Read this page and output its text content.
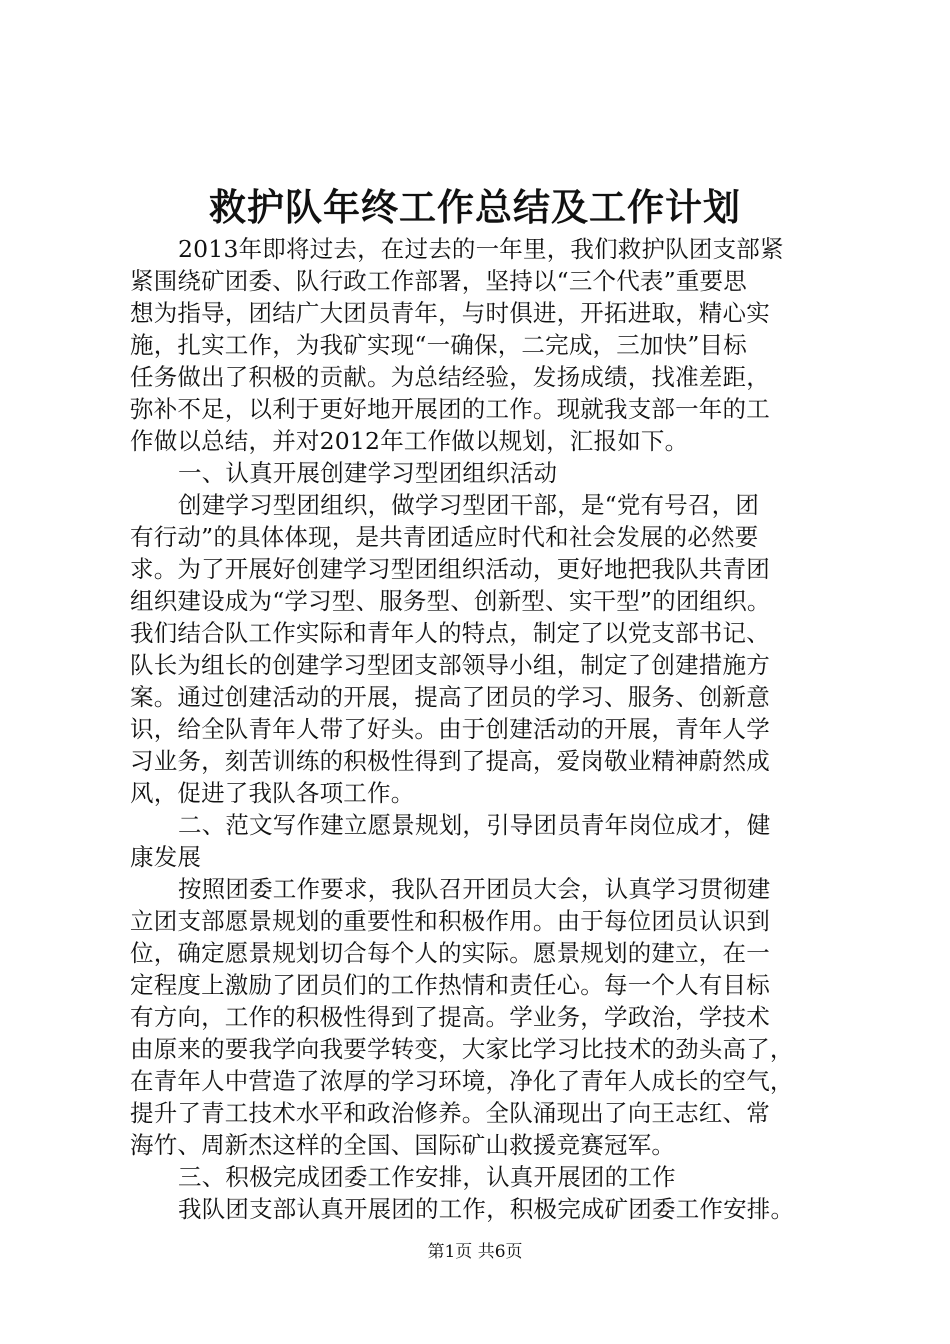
救护队年终工作总结及工作计划
2013年即将过去，在过去的一年里，我们救护队团支部紧
紧围绕矿团委、队行政工作部署，坚持以“三个代表”重要思
想为指导，团结广大团员青年，与时俱进，开拓进取，精心实
施，扎实工作，为我矿实现“一确保，二完成，三加快”目标
任务做出了积极的贡献。为总结经验，发扬成绩，找准差距，
弥补不足，以利于更好地开展团的工作。现就我支部一年的工
作做以总结，并对2012年工作做以规划，汇报如下。
一、认真开展创建学习型团组织活动
创建学习型团组织，做学习型团干部，是“党有号召，团
有行动”的具体体现，是共青团适应时代和社会发展的必然要
求。为了开展好创建学习型团组织活动，更好地把我队共青团
组织建设成为“学习型、服务型、创新型、实干型”的团组织。
我们结合队工作实际和青年人的特点，制定了以党支部书记、
队长为组长的创建学习型团支部领导小组，制定了创建措施方
案。通过创建活动的开展，提高了团员的学习、服务、创新意
识，给全队青年人带了好头。由于创建活动的开展，青年人学
习业务，刻苦训练的积极性得到了提高，爱岗敬业精神蔚然成
风，促进了我队各项工作。
二、范文写作建立愿景规划，引导团员青年岗位成才，健
康发展
按照团委工作要求，我队召开团员大会，认真学习贯彻建
立团支部愿景规划的重要性和积极作用。由于每位团员认识到
位，确定愿景规划切合每个人的实际。愿景规划的建立，在一
定程度上激励了团员们的工作热情和责任心。每一个人有目标
有方向，工作的积极性得到了提高。学业务，学政治，学技术
由原来的要我学向我要学转变，大家比学习比技术的劲头高了，
在青年人中营造了浓厚的学习环境，净化了青年人成长的空气，
提升了青工技术水平和政治修养。全队涌现出了向王志红、常
海竹、周新杰这样的全国、国际矿山救援竞赛冠军。
三、积极完成团委工作安排，认真开展团的工作
我队团支部认真开展团的工作，积极完成矿团委工作安排。
第1页 共6页
